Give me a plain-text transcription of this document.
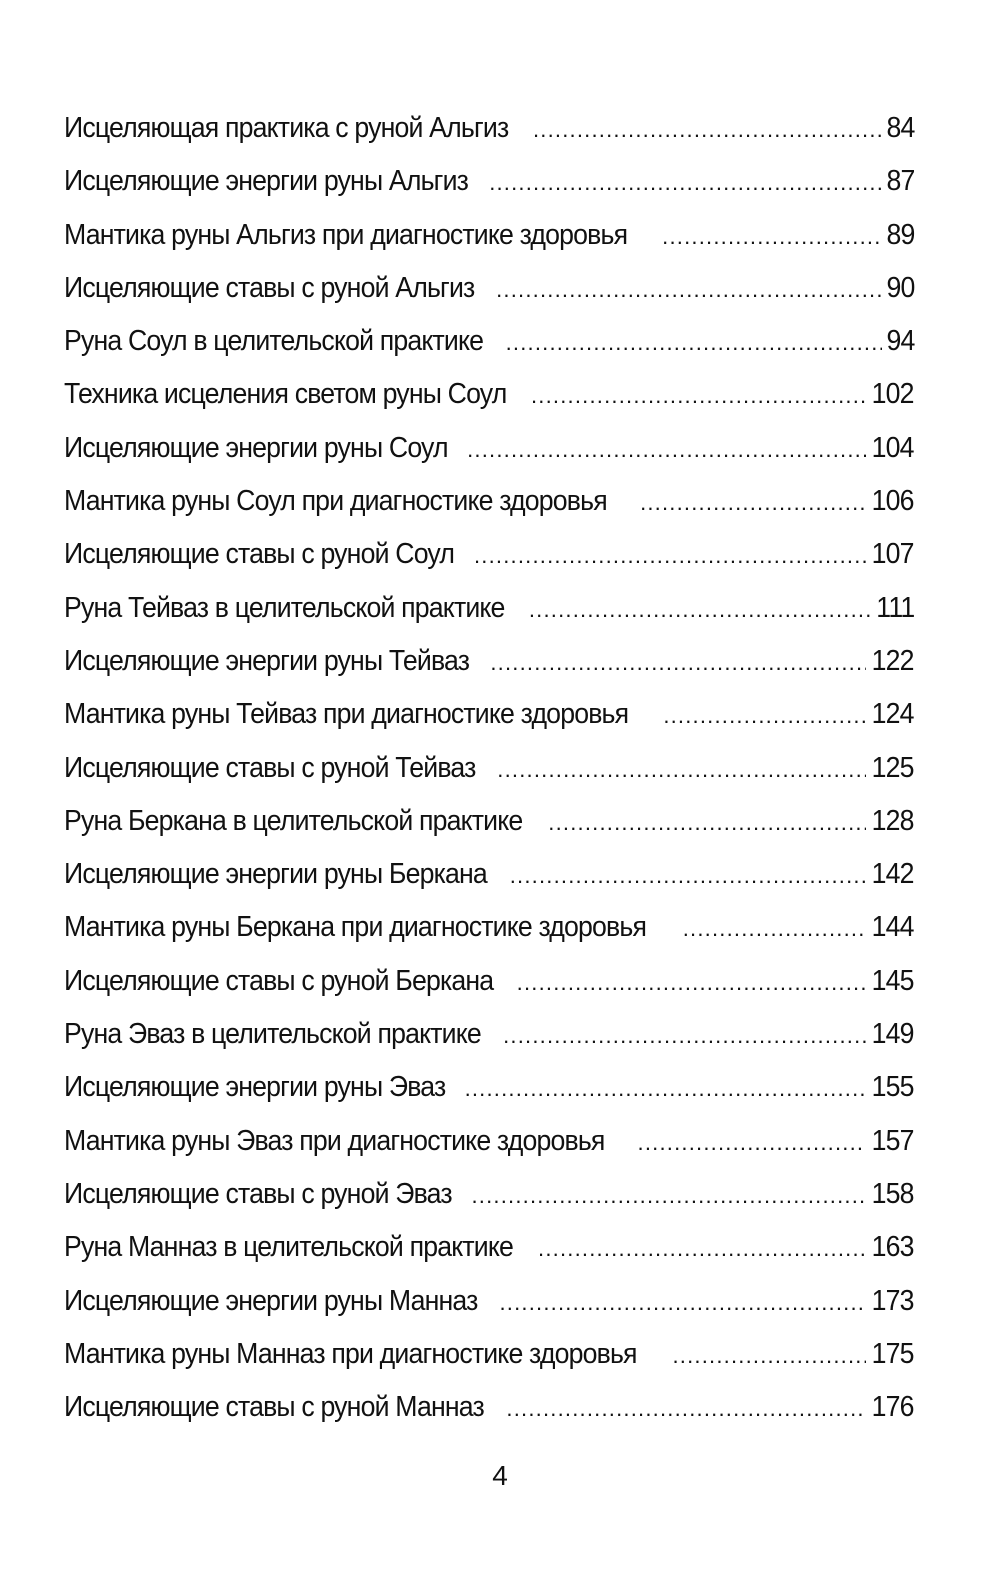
Исцеляющая практика с руной Альгиз .....	84
Исцеляющие энергии руны Альгиз .....	87
Мантика руны Альгиз при диагностике здоровья .....	89
Исцеляющие ставы с руной Альгиз .....	90
Руна Соул в целительской практике .....	94
Техника исцеления светом руны Соул .....	102
Исцеляющие энергии руны Соул .....	104
Мантика руны Соул при диагностике здоровья .....	106
Исцеляющие ставы с руной Соул .....	107
Руна Тейваз в целительской практике .....	111
Исцеляющие энергии руны Тейваз .....	122
Мантика руны Тейваз при диагностике здоровья .....	124
Исцеляющие ставы с руной Тейваз .....	125
Руна Беркана в целительской практике .....	128
Исцеляющие энергии руны Беркана .....	142
Мантика руны Беркана при диагностике здоровья .....	144
Исцеляющие ставы с руной Беркана .....	145
Руна Эваз в целительской практике .....	149
Исцеляющие энергии руны Эваз .....	155
Мантика руны Эваз при диагностике здоровья .....	157
Исцеляющие ставы с руной Эваз .....	158
Руна Манназ в целительской практике .....	163
Исцеляющие энергии руны Манназ .....	173
Мантика руны Манназ при диагностике здоровья .....	175
Исцеляющие ставы с руной Манназ .....	176
4
